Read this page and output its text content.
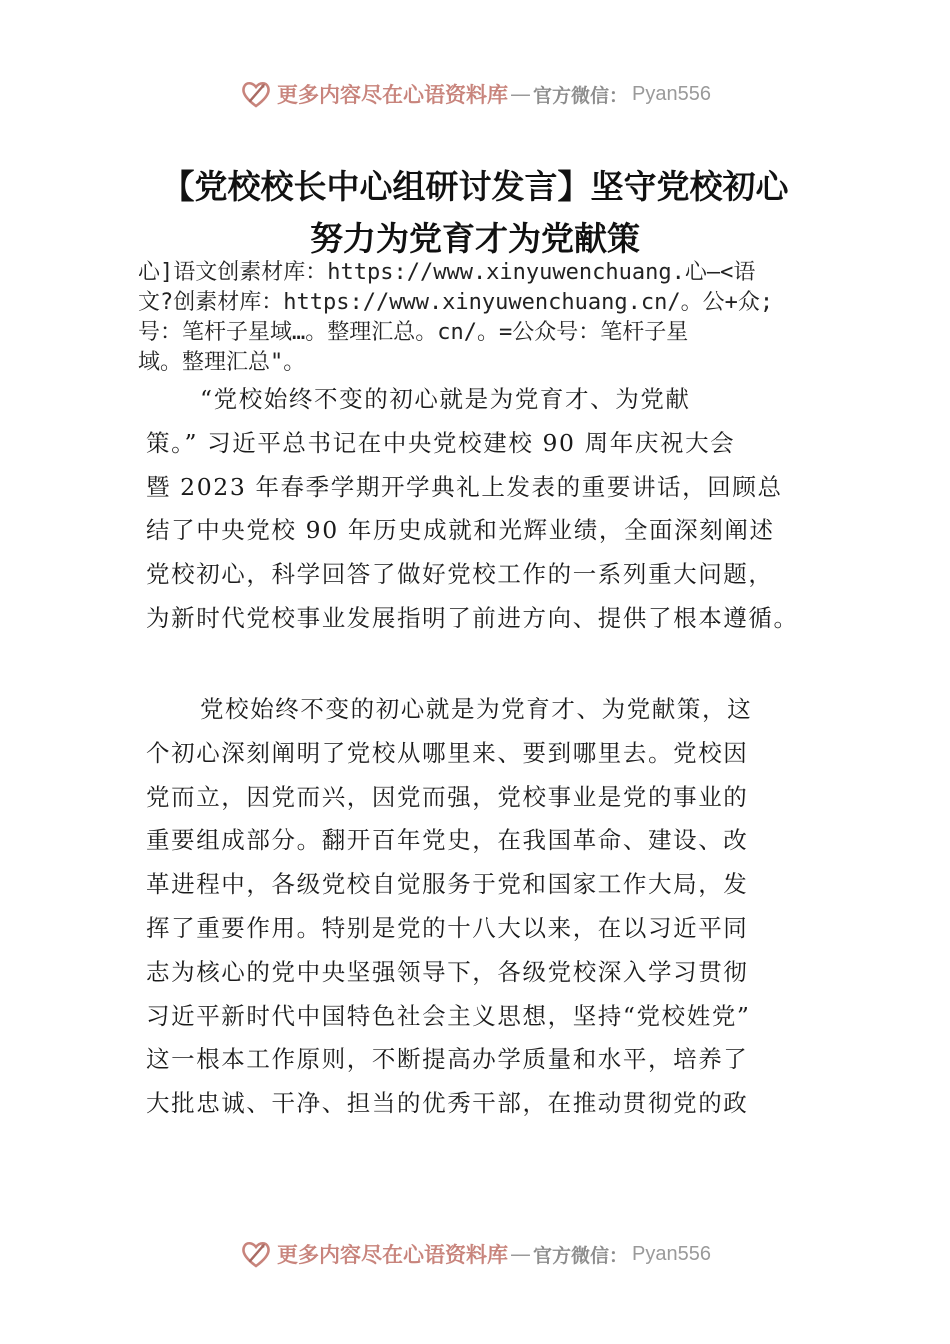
更多内容尽在心语资料库 — 官方微信： Pyan556
【党校校长中心组研讨发言】坚守党校初心
努力为党育才为党献策
心]语文创素材库：https://www.xinyuwenchuang.心—<语
文?创素材库：https://www.xinyuwenchuang.cn/。公+众;
号：笔杆子星域…。整理汇总。cn/。=公众号：笔杆子星
域。整理汇总"。
“党校始终不变的初心就是为党育才、为党献
策。” 习近平总书记在中央党校建校 90 周年庆祝大会
暨 2023 年春季学期开学典礼上发表的重要讲话，回顾总
结了中央党校 90 年历史成就和光辉业绩，全面深刻阐述
党校初心，科学回答了做好党校工作的一系列重大问题，
为新时代党校事业发展指明了前进方向、提供了根本遵循。
党校始终不变的初心就是为党育才、为党献策，这
个初心深刻阐明了党校从哪里来、要到哪里去。党校因
党而立，因党而兴，因党而强，党校事业是党的事业的
重要组成部分。翻开百年党史，在我国革命、建设、改
革进程中，各级党校自觉服务于党和国家工作大局，发
挥了重要作用。特别是党的十八大以来，在以习近平同
志为核心的党中央坚强领导下，各级党校深入学习贯彻
习近平新时代中国特色社会主义思想，坚持“党校姓党”
这一根本工作原则，不断提高办学质量和水平，培养了
大批忠诚、干净、担当的优秀干部，在推动贯彻党的政
更多内容尽在心语资料库 — 官方微信： Pyan556
